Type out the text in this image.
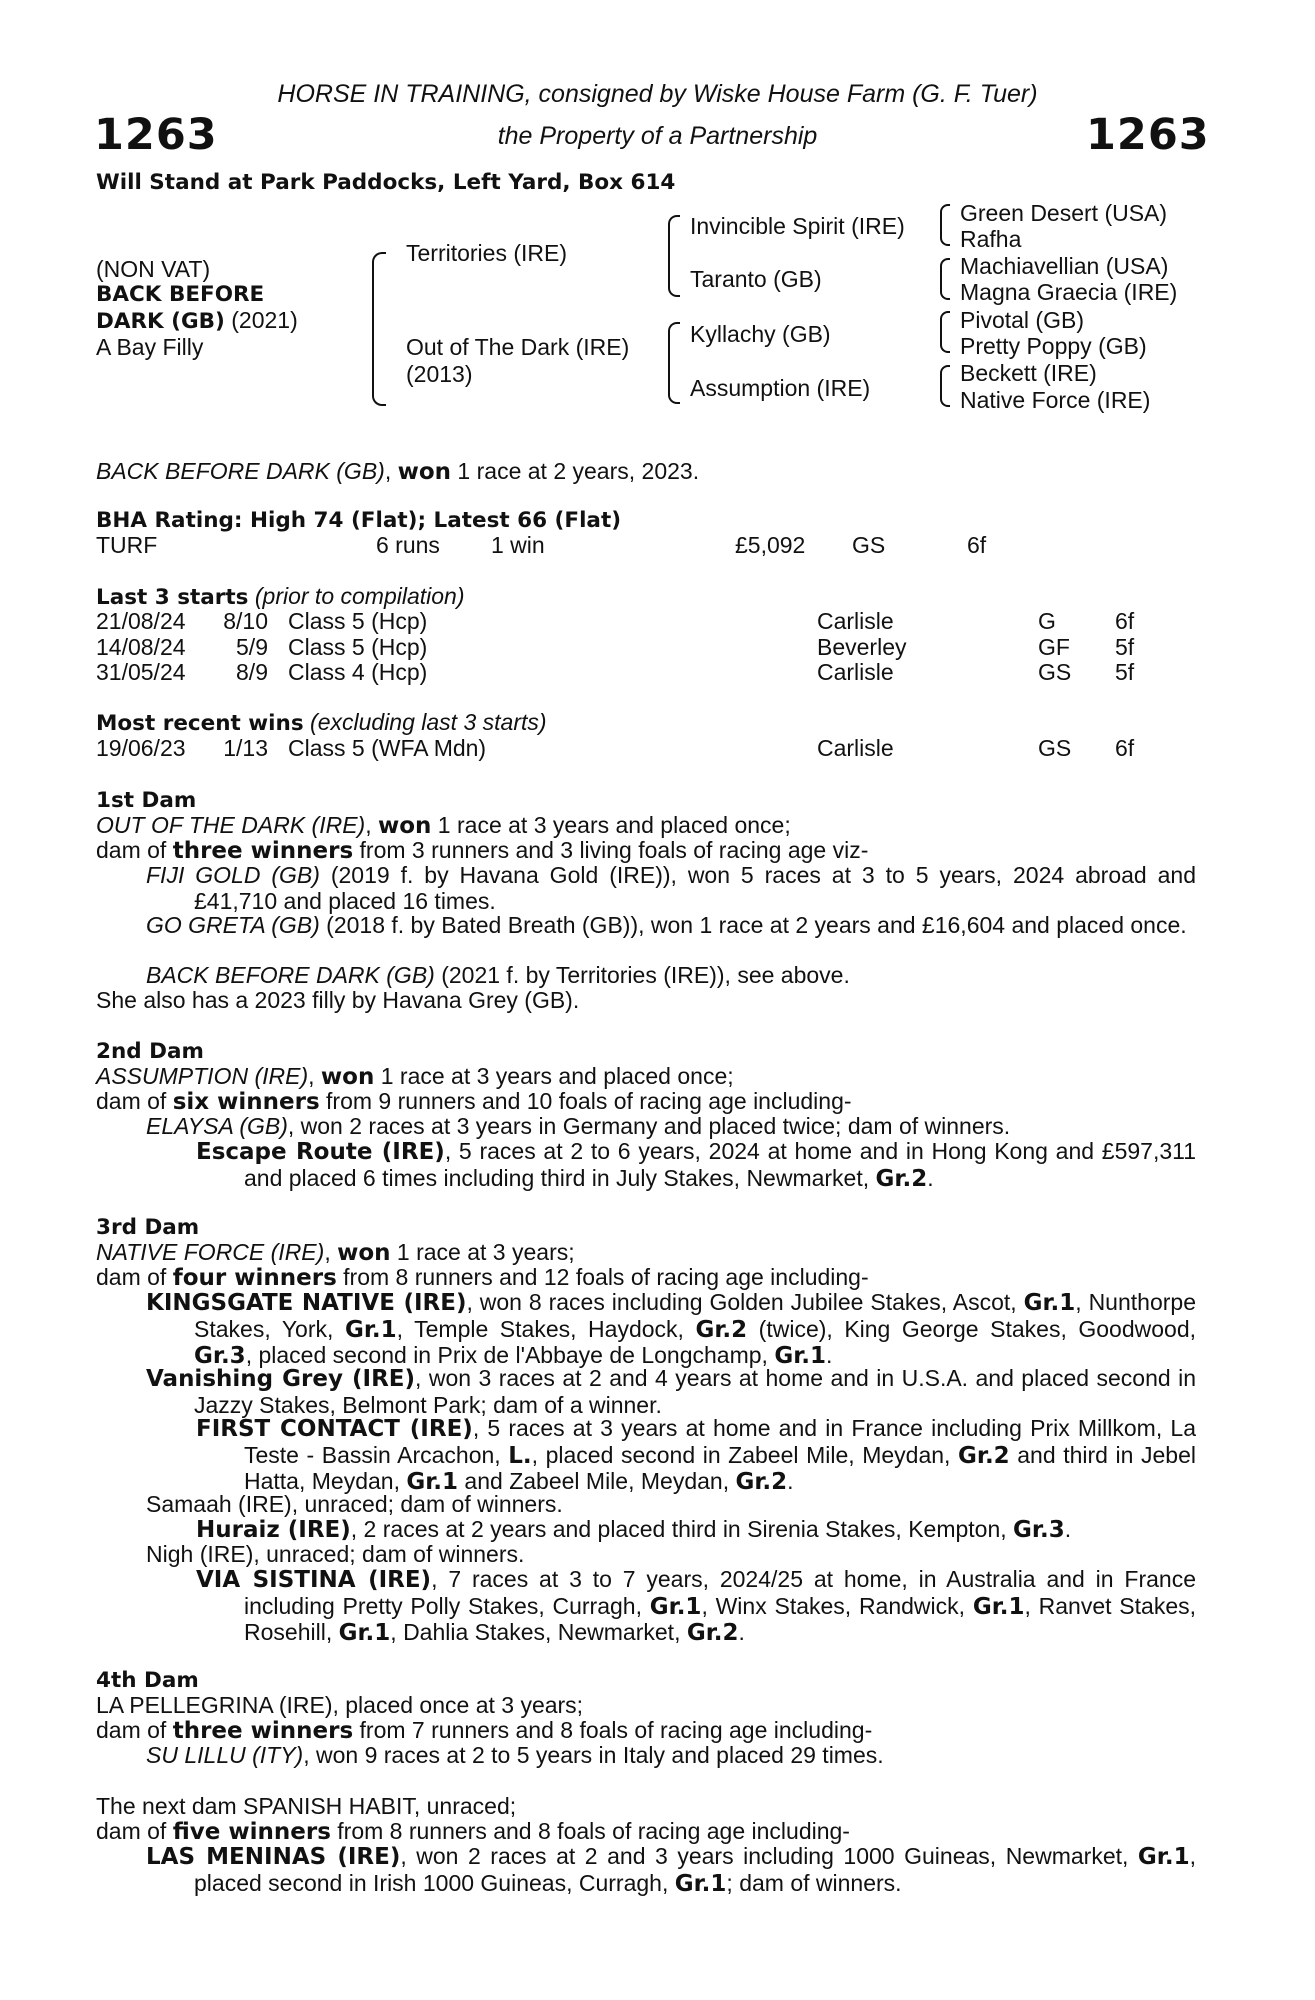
HORSE IN TRAINING, consigned by Wiske House Farm (G. F. Tuer)
1263	the Property of a Partnership	1263
Will Stand at Park Paddocks, Left Yard, Box 614
(NON VAT)
BACK BEFORE
DARK (GB) (2021)
A Bay Filly
Territories (IRE)
Out of The Dark (IRE)
(2013)
Invincible Spirit (IRE)
Taranto (GB)
Kyllachy (GB)
Assumption (IRE)
Green Desert (USA)
Rafha
Machiavellian (USA)
Magna Graecia (IRE)
Pivotal (GB)
Pretty Poppy (GB)
Beckett (IRE)
Native Force (IRE)
BACK BEFORE DARK (GB), won 1 race at 2 years, 2023.
BHA Rating: High 74 (Flat); Latest 66 (Flat)
TURF	6 runs 1 win	£5,092 GS	6f
Last 3 starts (prior to compilation)
21/08/24	8/10 Class 5 (Hcp)	Carlisle	G	6f
14/08/24	5/9 Class 5 (Hcp)	Beverley	GF 5f
31/05/24	8/9 Class 4 (Hcp)	Carlisle	GS 5f
Most recent wins (excluding last 3 starts)
19/06/23	1/13 Class 5 (WFA Mdn)	Carlisle	GS 6f
1st Dam
OUT OF THE DARK (IRE), won 1 race at 3 years and placed once;
dam of three winners from 3 runners and 3 living foals of racing age viz-
FIJI GOLD (GB) (2019 f. by Havana Gold (IRE)), won 5 races at 3 to 5 years, 2024 abroad and £41,710 and placed 16 times.
GO GRETA (GB) (2018 f. by Bated Breath (GB)), won 1 race at 2 years and £16,604 and placed once.
BACK BEFORE DARK (GB) (2021 f. by Territories (IRE)), see above.
She also has a 2023 filly by Havana Grey (GB).
2nd Dam
ASSUMPTION (IRE), won 1 race at 3 years and placed once;
dam of six winners from 9 runners and 10 foals of racing age including-
ELAYSA (GB), won 2 races at 3 years in Germany and placed twice; dam of winners.
Escape Route (IRE), 5 races at 2 to 6 years, 2024 at home and in Hong Kong and £597,311 and placed 6 times including third in July Stakes, Newmarket, Gr.2.
3rd Dam
NATIVE FORCE (IRE), won 1 race at 3 years;
dam of four winners from 8 runners and 12 foals of racing age including-
KINGSGATE NATIVE (IRE), won 8 races including Golden Jubilee Stakes, Ascot, Gr.1, Nunthorpe Stakes, York, Gr.1, Temple Stakes, Haydock, Gr.2 (twice), King George Stakes, Goodwood, Gr.3, placed second in Prix de l'Abbaye de Longchamp, Gr.1.
Vanishing Grey (IRE), won 3 races at 2 and 4 years at home and in U.S.A. and placed second in Jazzy Stakes, Belmont Park; dam of a winner.
FIRST CONTACT (IRE), 5 races at 3 years at home and in France including Prix Millkom, La Teste - Bassin Arcachon, L., placed second in Zabeel Mile, Meydan, Gr.2 and third in Jebel Hatta, Meydan, Gr.1 and Zabeel Mile, Meydan, Gr.2.
Samaah (IRE), unraced; dam of winners.
Huraiz (IRE), 2 races at 2 years and placed third in Sirenia Stakes, Kempton, Gr.3.
Nigh (IRE), unraced; dam of winners.
VIA SISTINA (IRE), 7 races at 3 to 7 years, 2024/25 at home, in Australia and in France including Pretty Polly Stakes, Curragh, Gr.1, Winx Stakes, Randwick, Gr.1, Ranvet Stakes, Rosehill, Gr.1, Dahlia Stakes, Newmarket, Gr.2.
4th Dam
LA PELLEGRINA (IRE), placed once at 3 years;
dam of three winners from 7 runners and 8 foals of racing age including-
SU LILLU (ITY), won 9 races at 2 to 5 years in Italy and placed 29 times.
The next dam SPANISH HABIT, unraced;
dam of five winners from 8 runners and 8 foals of racing age including-
LAS MENINAS (IRE), won 2 races at 2 and 3 years including 1000 Guineas, Newmarket, Gr.1, placed second in Irish 1000 Guineas, Curragh, Gr.1; dam of winners.
